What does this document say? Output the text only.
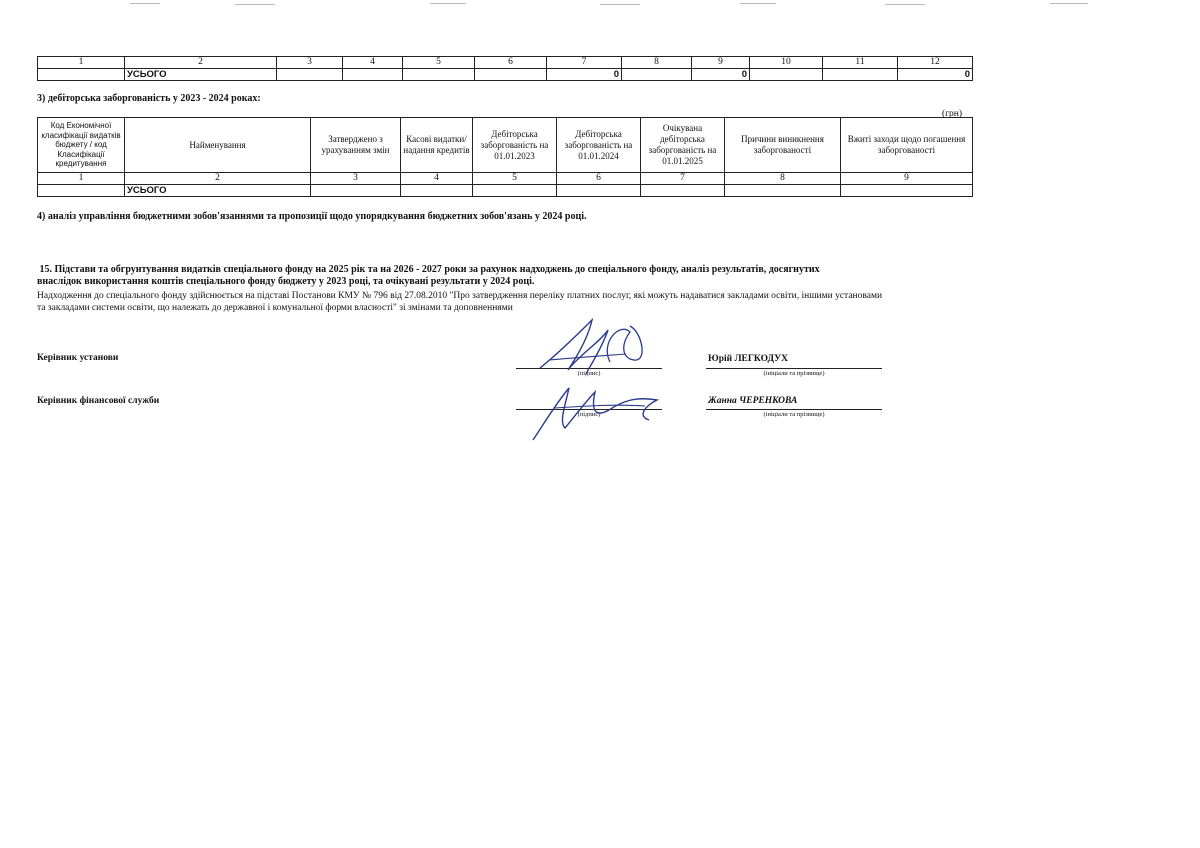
1	2	3	4	5	6	7	8	9	10	11	12
	УСЬОГО					0		0			0
3) дебіторська заборгованість у 2023 - 2024 роках:
(грн)
Код Економічної класифікації видатків бюджету / код Класифікації кредитування	Найменування	Затверджено з урахуванням змін	Касові видатки/ надання кредитів	Дебіторська заборгованість на 01.01.2023	Дебіторська заборгованість на 01.01.2024	Очікувана дебіторська заборгованість на 01.01.2025	Причини виникнення заборгованості	Вжиті заходи щодо погашення заборгованості
1	2	3	4	5	6	7	8	9
	УСЬОГО							
4) аналіз управління бюджетними зобов'язаннями та пропозиції щодо упорядкування бюджетних зобов'язань у 2024 році.
15. Підстави та обгрунтування видатків спеціального фонду на 2025 рік та на 2026 - 2027 роки за рахунок надходжень до спеціального фонду, аналіз результатів, досягнутих
внаслідок використання коштів спеціального фонду бюджету у 2023 році, та очікувані результати у 2024 році.
Надходження до спеціального фонду здійснюється на підставі Постанови КМУ № 796 від 27.08.2010 "Про затвердження переліку платних послуг, які можуть надаватися закладами освіти, іншими установами
та закладами системи освіти, що належать до державної і комунальної форми власності" зі змінами та доповненнями
Керівник установи
(підпис)
Юрій ЛЕГКОДУХ
(ініціали та прізвище)
Керівник фінансової служби
(підпис)
Жанна ЧЕРЕНКОВА
(ініціали та прізвище)
